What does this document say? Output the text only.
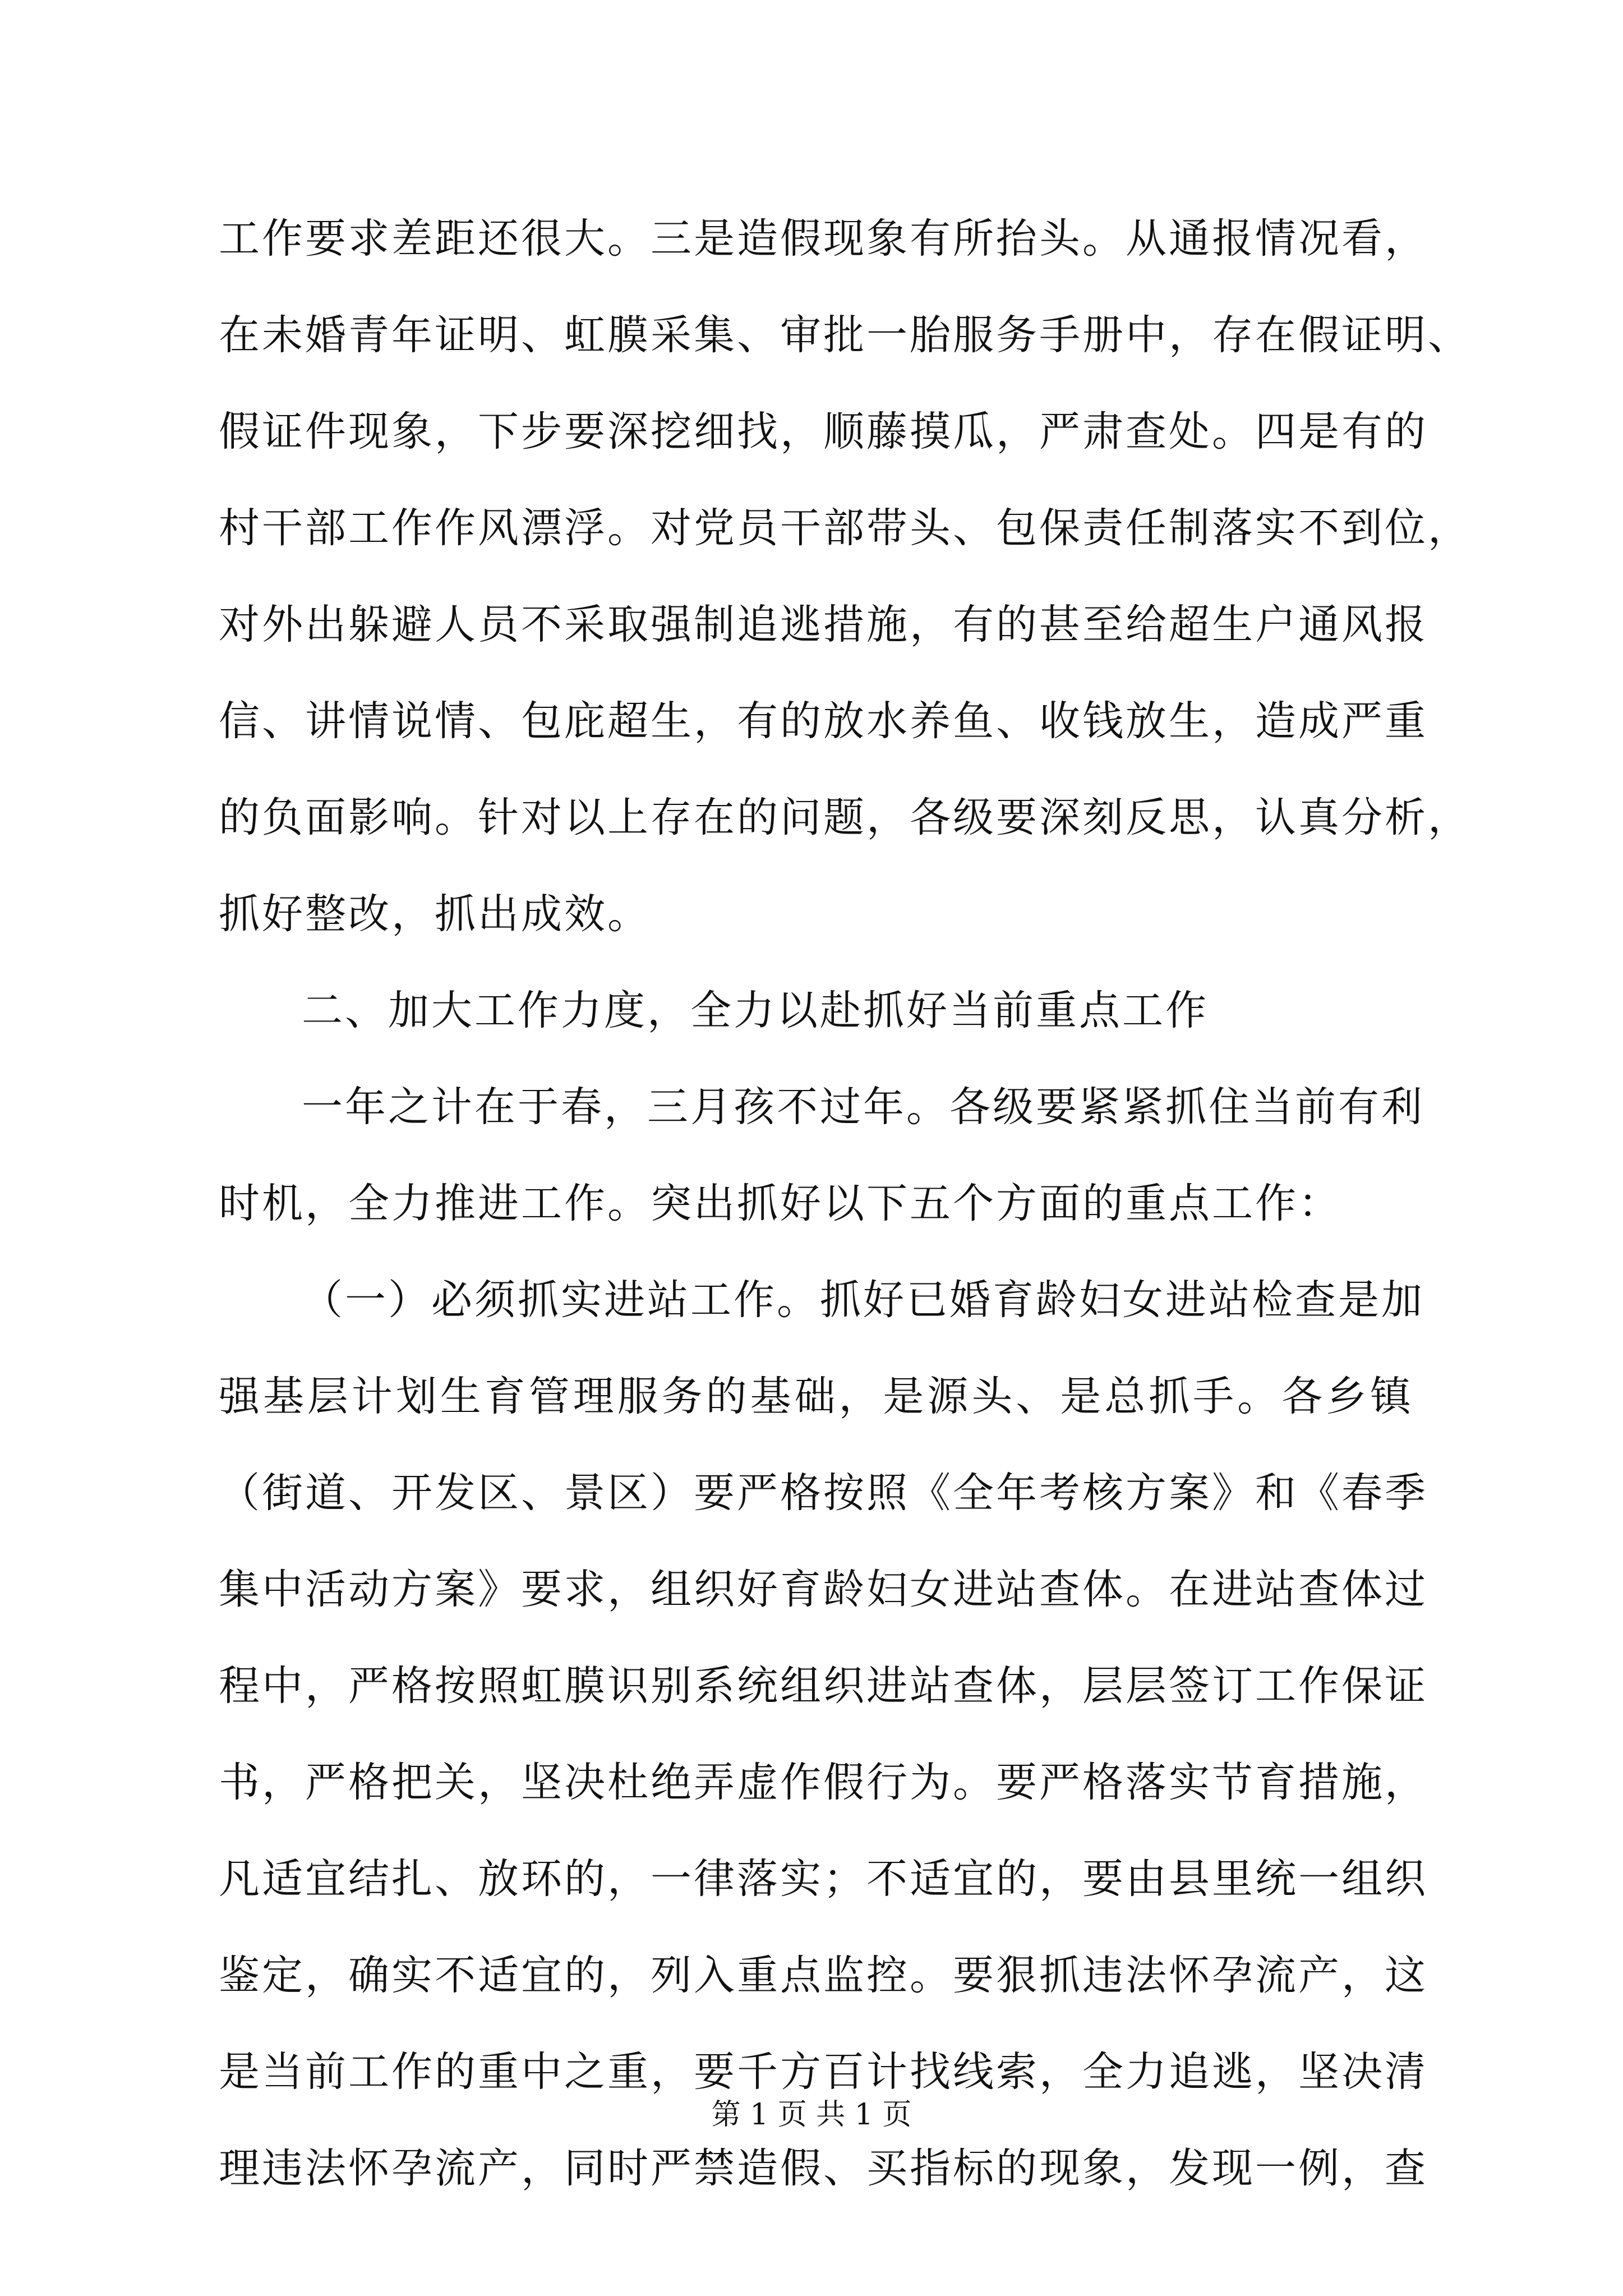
工作要求差距还很大。三是造假现象有所抬头。从通报情况看，
在未婚青年证明、虹膜采集、审批一胎服务手册中，存在假证明、
假证件现象，下步要深挖细找，顺藤摸瓜，严肃查处。四是有的
村干部工作作风漂浮。对党员干部带头、包保责任制落实不到位，
对外出躲避人员不采取强制追逃措施，有的甚至给超生户通风报
信、讲情说情、包庇超生，有的放水养鱼、收钱放生，造成严重
的负面影响。针对以上存在的问题，各级要深刻反思，认真分析，
抓好整改，抓出成效。
二、加大工作力度，全力以赴抓好当前重点工作
一年之计在于春，三月孩不过年。各级要紧紧抓住当前有利
时机，全力推进工作。突出抓好以下五个方面的重点工作：
（一）必须抓实进站工作。抓好已婚育龄妇女进站检查是加
强基层计划生育管理服务的基础，是源头、是总抓手。各乡镇
（街道、开发区、景区）要严格按照《全年考核方案》和《春季
集中活动方案》要求，组织好育龄妇女进站查体。在进站查体过
程中，严格按照虹膜识别系统组织进站查体，层层签订工作保证
书，严格把关，坚决杜绝弄虚作假行为。要严格落实节育措施，
凡适宜结扎、放环的，一律落实；不适宜的，要由县里统一组织
鉴定，确实不适宜的，列入重点监控。要狠抓违法怀孕流产，这
是当前工作的重中之重，要千方百计找线索，全力追逃，坚决清
理违法怀孕流产，同时严禁造假、买指标的现象，发现一例，查
第 1 页 共 1 页
